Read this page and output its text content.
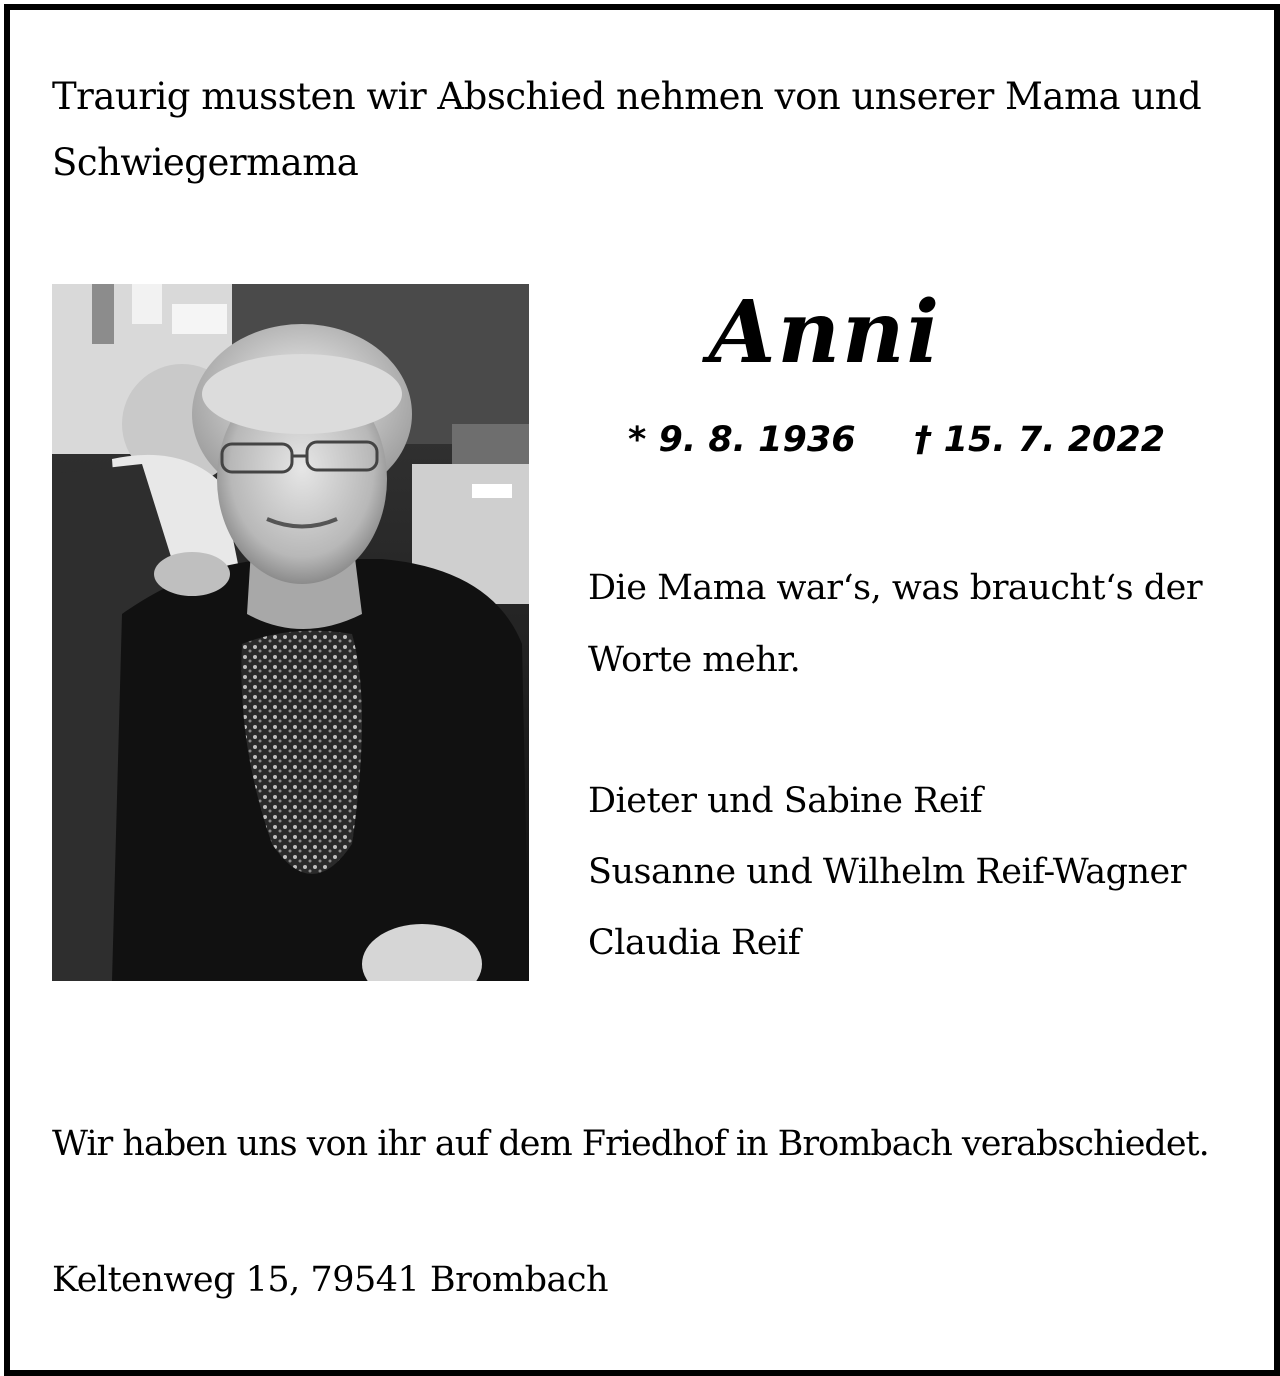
Traurig mussten wir Abschied nehmen von unserer Mama und
Schwiegermama
Anni
* 9. 8. 1936 † 15. 7. 2022
Die Mama war‘s, was braucht‘s der
Worte mehr.
Dieter und Sabine Reif
Susanne und Wilhelm Reif-Wagner
Claudia Reif
Wir haben uns von ihr auf dem Friedhof in Brombach verabschiedet.
Keltenweg 15, 79541 Brombach
